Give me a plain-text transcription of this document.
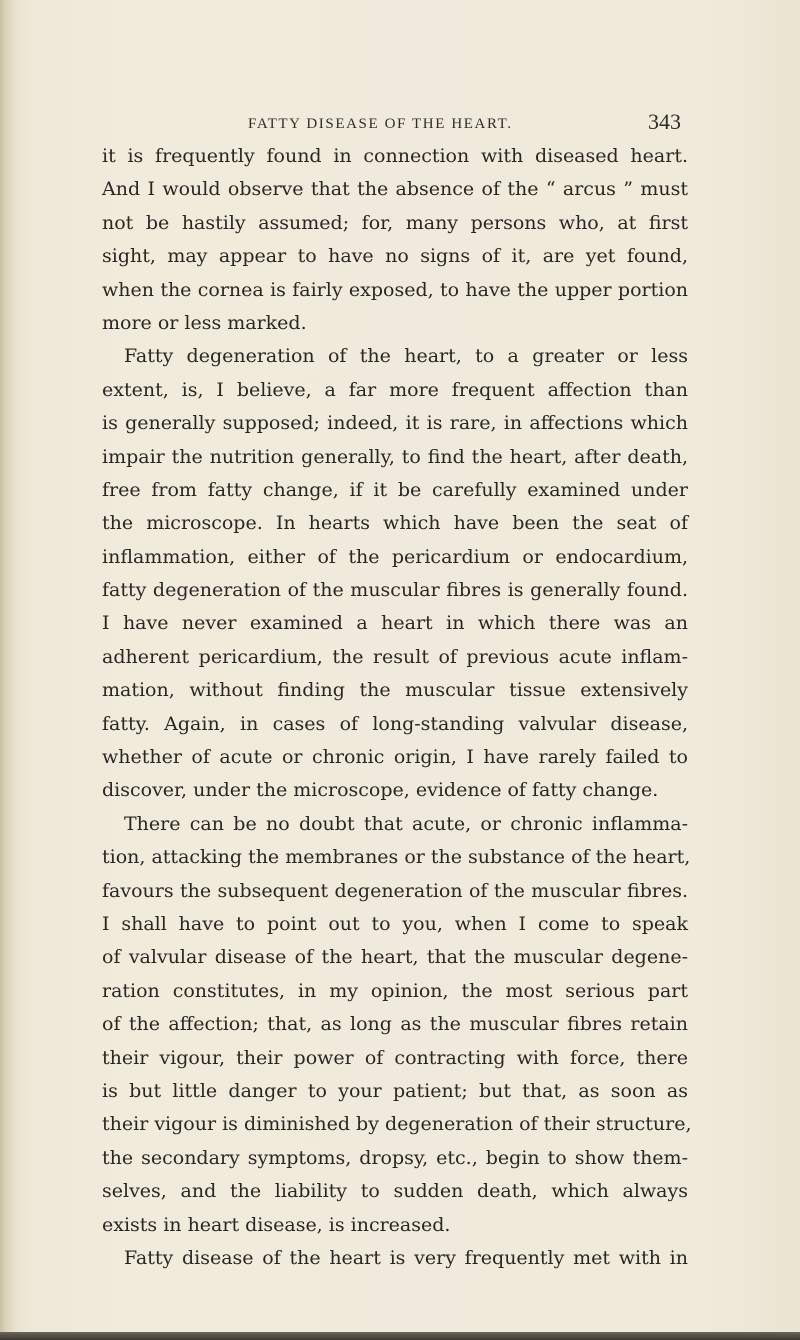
FATTY DISEASE OF THE HEART.	343
it is frequently found in connection with diseased heart.
And I would observe that the absence of the “ arcus ” must
not be hastily assumed; for, many persons who, at first
sight, may appear to have no signs of it, are yet found,
when the cornea is fairly exposed, to have the upper portion
more or less marked.
Fatty degeneration of the heart, to a greater or less
extent, is, I believe, a far more frequent affection than
is generally supposed; indeed, it is rare, in affections which
impair the nutrition generally, to find the heart, after death,
free from fatty change, if it be carefully examined under
the microscope. In hearts which have been the seat of
inflammation, either of the pericardium or endocardium,
fatty degeneration of the muscular fibres is generally found.
I have never examined a heart in which there was an
adherent pericardium, the result of previous acute inflam-
mation, without finding the muscular tissue extensively
fatty. Again, in cases of long-standing valvular disease,
whether of acute or chronic origin, I have rarely failed to
discover, under the microscope, evidence of fatty change.
There can be no doubt that acute, or chronic inflamma-
tion, attacking the membranes or the substance of the heart,
favours the subsequent degeneration of the muscular fibres.
I shall have to point out to you, when I come to speak
of valvular disease of the heart, that the muscular degene-
ration constitutes, in my opinion, the most serious part
of the affection; that, as long as the muscular fibres retain
their vigour, their power of contracting with force, there
is but little danger to your patient; but that, as soon as
their vigour is diminished by degeneration of their structure,
the secondary symptoms, dropsy, etc., begin to show them-
selves, and the liability to sudden death, which always
exists in heart disease, is increased.
Fatty disease of the heart is very frequently met with in
